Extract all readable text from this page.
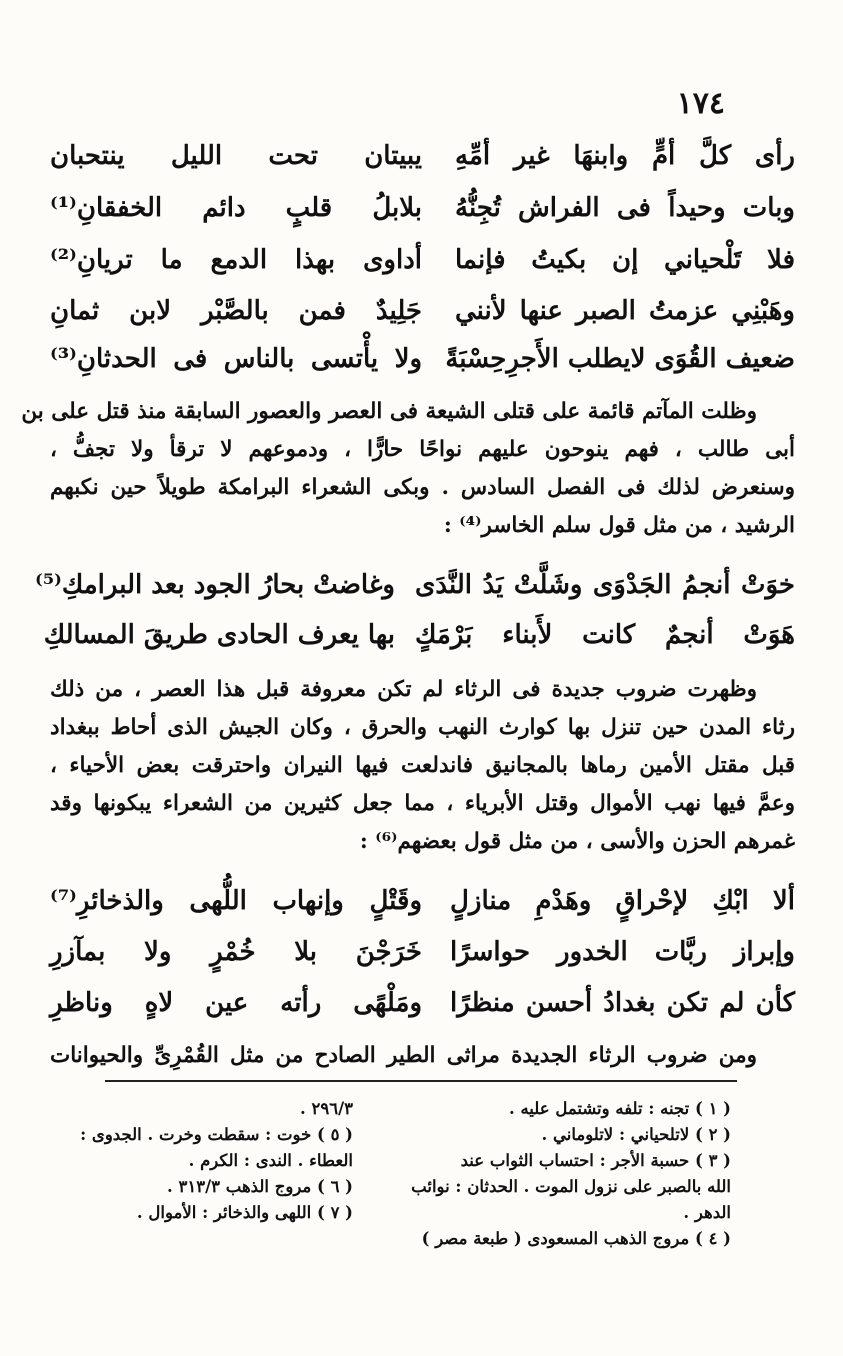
١٧٤
رأى كلَّ أمٍّ وابنهَا غير أمِّهِ
يبيتان تحت الليل ينتحبان
وبات وحيداً فى الفراش تُجِنُّهُ
بلابلُ قلبٍ دائم الخفقانِ⁽¹⁾
فلا تَلْحياني إن بكيتُ فإنما
أداوى بهذا الدمع ما تريانِ⁽²⁾
وهَبْنِي عزمتُ الصبر عنها لأنني
جَلِيدٌ فمن بالصَّبْر لابن ثمانِ
ضعيف القُوَى لايطلب الأَجرِحِسْبَةً
ولا يأْتسى بالناس فى الحدثانِ⁽³⁾
وظلت المآتم قائمة على قتلى الشيعة فى العصر والعصور السابقة منذ قتل على بن
أبى طالب ، فهم ينوحون عليهم نواحًا حارًّا ، ودموعهم لا ترقأ ولا تجفُّ ،
وسنعرض لذلك فى الفصل السادس . وبكى الشعراء البرامكة طويلاً حين نكبهم
الرشيد ، من مثل قول سلم الخاسر⁽⁴⁾ :
خوَتْ أنجمُ الجَدْوَى وشَلَّتْ يَدُ النَّدَى
وغاضتْ بحارُ الجود بعد البرامكِ⁽⁵⁾
هَوَتْ أنجمٌ كانت لأَبناء بَرْمَكٍ
بها يعرف الحادى طريقَ المسالكِ
وظهرت ضروب جديدة فى الرثاء لم تكن معروفة قبل هذا العصر ، من ذلك
رثاء المدن حين تنزل بها كوارث النهب والحرق ، وكان الجيش الذى أحاط ببغداد
قبل مقتل الأمين رماها بالمجانيق فاندلعت فيها النيران واحترقت بعض الأحياء ،
وعمَّ فيها نهب الأموال وقتل الأبرياء ، مما جعل كثيرين من الشعراء يبكونها وقد
غمرهم الحزن والأسى ، من مثل قول بعضهم⁽⁶⁾ :
ألا ابْكِ لإحْراقٍ وهَدْمِ منازلٍ
وقَتْلٍ وإنهاب اللُّهى والذخائرِ⁽⁷⁾
وإبراز ربَّات الخدور حواسرًا
خَرَجْنَ بلا خُمْرٍ ولا بمآزرِ
كأن لم تكن بغدادُ أحسن منظرًا
ومَلْهًى رأته عين لاهٍ وناظرِ
ومن ضروب الرثاء الجديدة مراثى الطير الصادح من مثل القُمْرِىِّ والحيوانات
( ١ ) تجنه : تلفه وتشتمل عليه .
( ٢ ) لاتلحياني : لاتلوماني .
( ٣ ) حسبة الأجر : احتساب الثواب عند
الله بالصبر على نزول الموت . الحدثان : نوائب
الدهر .
( ٤ ) مروج الذهب المسعودى ( طبعة مصر )
٢٩٦/٣ .
( ٥ ) خوت : سقطت وخرت . الجدوى :
العطاء . الندى : الكرم .
( ٦ ) مروج الذهب ٣١٣/٣ .
( ٧ ) اللهى والذخائر : الأموال .
